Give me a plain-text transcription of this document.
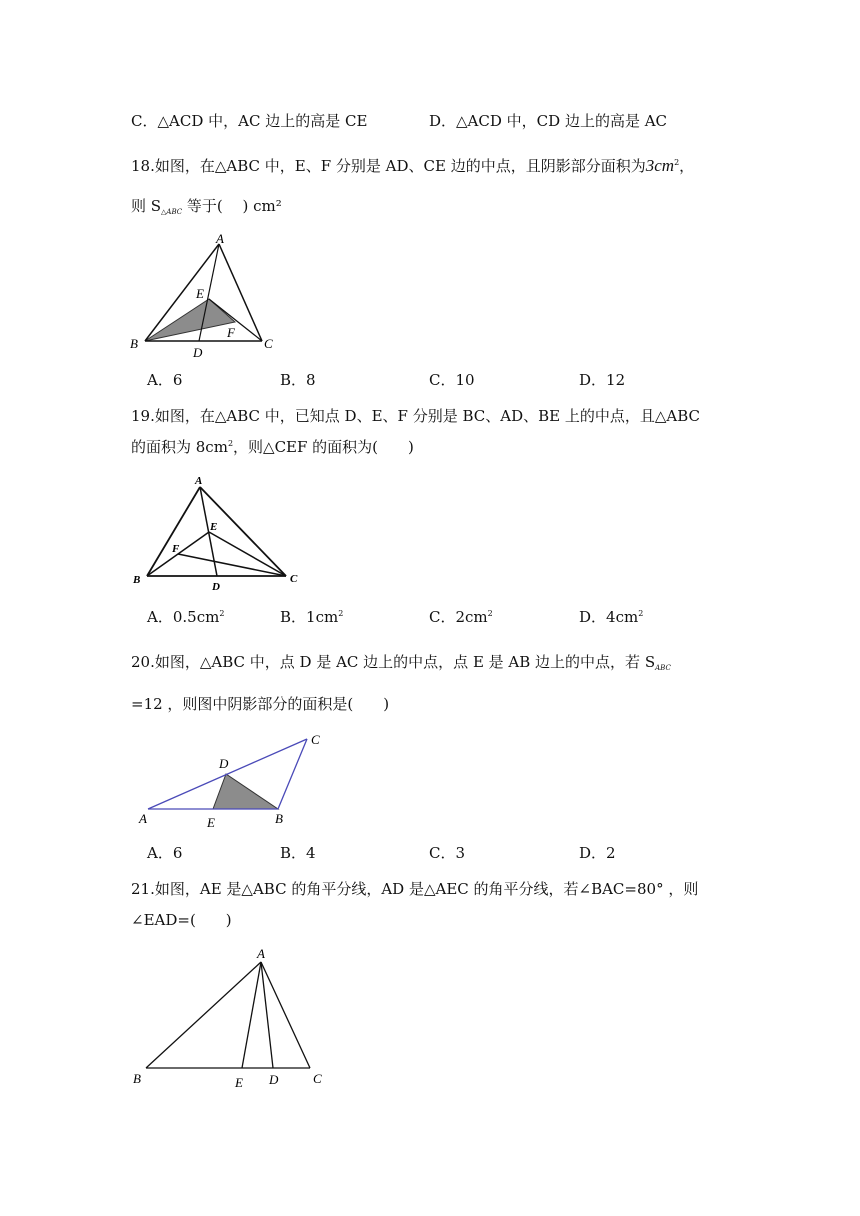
C．△ACD 中，AC 边上的高是 CE	D．△ACD 中，CD 边上的高是 AC
18.如图，在△ABC 中，E、F 分别是 AD、CE 边的中点，且阴影部分面积为$3cm^2$，
则 $S_{\triangle ABC}$ 等于(　 ) cm²
A
B	C
D
E
F
A．6	B．8	C．10	D．12
19.如图，在△ABC 中，已知点 D、E、F 分别是 BC、AD、BE 上的中点，且△ABC
的面积为 $8cm^2$，则△CEF 的面积为(　　)
A
B	C
D
E
F
A．$0.5cm^2$	B．$1cm^2$	C．$2cm^2$	D．$4cm^2$
20.如图，△ABC 中，点 D 是 AC 边上的中点，点 E 是 AB 边上的中点，若 $S_{ABC}$
=12 ，则图中阴影部分的面积是(　　)
A	B
C
D
E
A．6	B．4	C．3	D．2
21.如图，AE 是△ABC 的角平分线，AD 是△AEC 的角平分线，若∠BAC=80° ，则
∠EAD=(　　)
A
B	C
D
E
